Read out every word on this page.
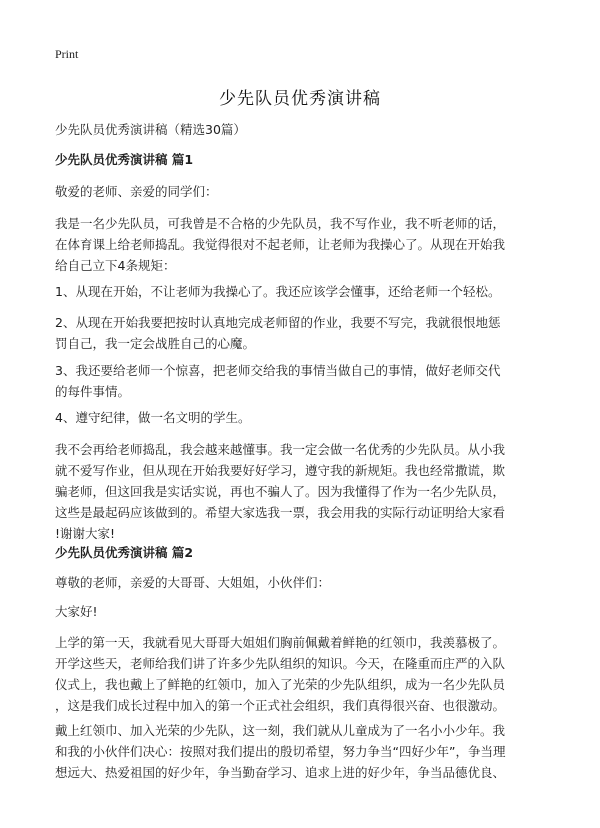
Print
少先队员优秀演讲稿
少先队员优秀演讲稿（精选30篇）
少先队员优秀演讲稿 篇1
敬爱的老师、亲爱的同学们：
我是一名少先队员，可我曾是不合格的少先队员，我不写作业，我不听老师的话，
在体育课上给老师捣乱。我觉得很对不起老师，让老师为我操心了。从现在开始我
给自己立下4条规矩：
1、从现在开始，不让老师为我操心了。我还应该学会懂事，还给老师一个轻松。
2、从现在开始我要把按时认真地完成老师留的作业，我要不写完，我就很恨地惩
罚自己，我一定会战胜自己的心魔。
3、我还要给老师一个惊喜，把老师交给我的事情当做自己的事情，做好老师交代
的每件事情。
4、遵守纪律，做一名文明的学生。
我不会再给老师捣乱，我会越来越懂事。我一定会做一名优秀的少先队员。从小我
就不爱写作业，但从现在开始我要好好学习，遵守我的新规矩。我也经常撒谎，欺
骗老师，但这回我是实话实说，再也不骗人了。因为我懂得了作为一名少先队员，
这些是最起码应该做到的。希望大家选我一票，我会用我的实际行动证明给大家看
!谢谢大家!
少先队员优秀演讲稿 篇2
尊敬的老师，亲爱的大哥哥、大姐姐，小伙伴们：
大家好!
上学的第一天，我就看见大哥哥大姐姐们胸前佩戴着鲜艳的红领巾，我羡慕极了。
开学这些天，老师给我们讲了许多少先队组织的知识。今天，在隆重而庄严的入队
仪式上，我也戴上了鲜艳的红领巾，加入了光荣的少先队组织，成为一名少先队员
，这是我们成长过程中加入的第一个正式社会组织，我们真得很兴奋、也很激动。
戴上红领巾、加入光荣的少先队，这一刻，我们就从儿童成为了一名小小少年。我
和我的小伙伴们决心：按照对我们提出的殷切希望，努力争当“四好少年”，争当理
想远大、热爱祖国的好少年，争当勤奋学习、追求上进的好少年，争当品德优良、
